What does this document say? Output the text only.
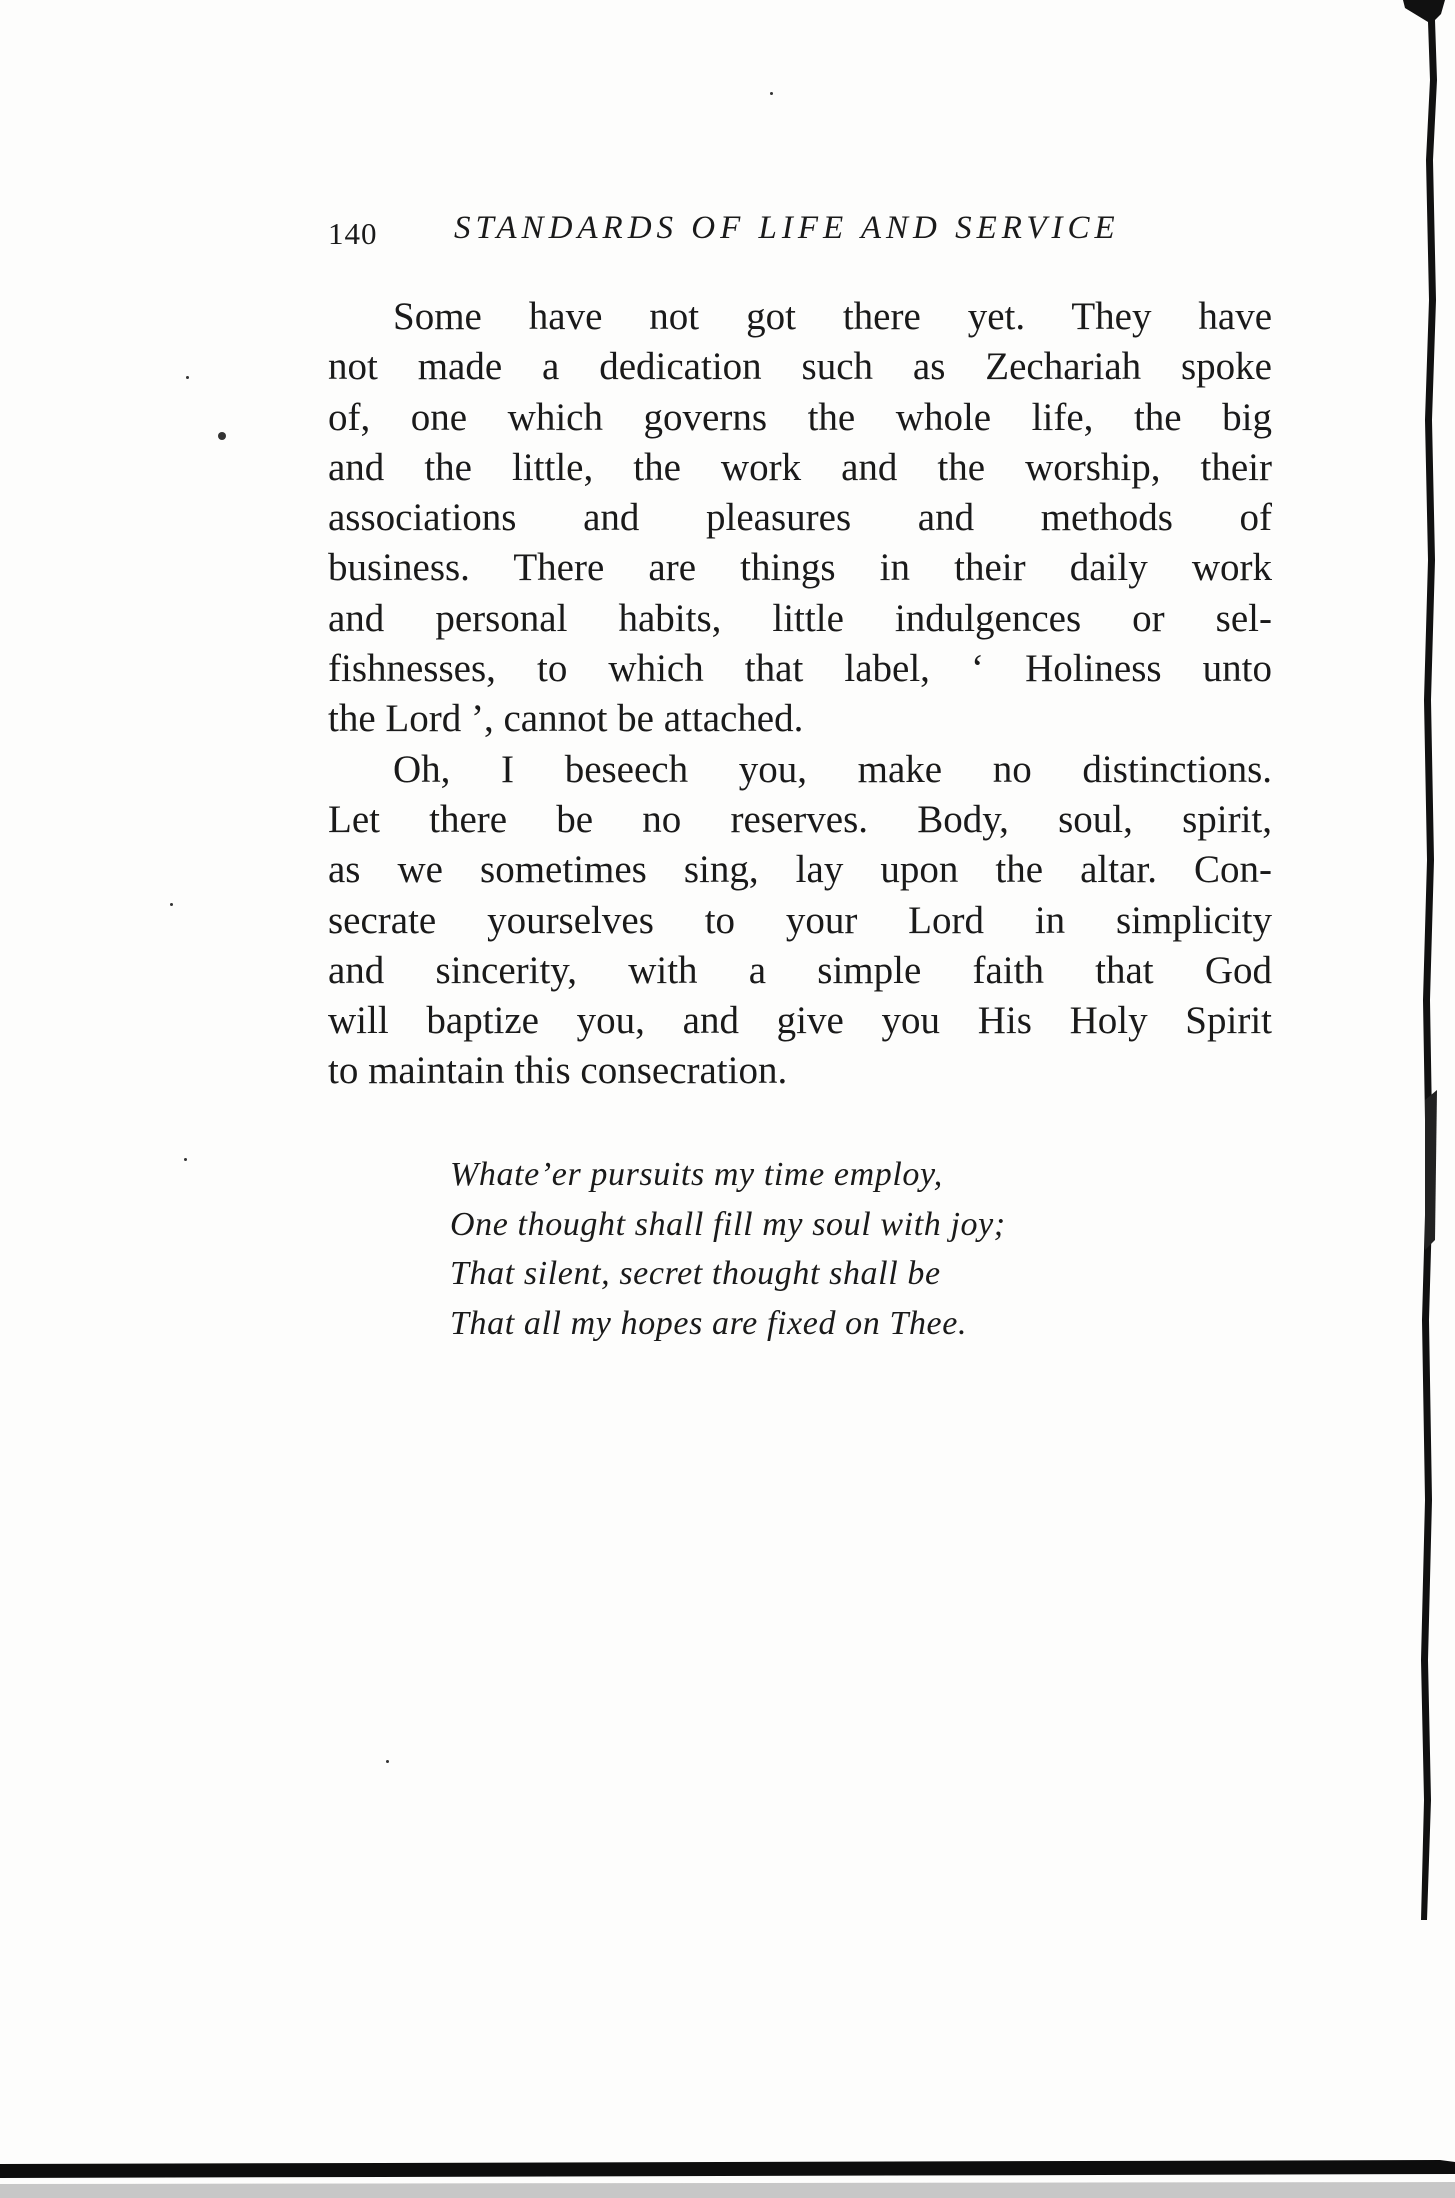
140 STANDARDS OF LIFE AND SERVICE
Some have not got there yet. They have
not made a dedication such as Zechariah spoke
of, one which governs the whole life, the big
and the little, the work and the worship, their
associations and pleasures and methods of
business. There are things in their daily work
and personal habits, little indulgences or sel-
fishnesses, to which that label, ‘ Holiness unto
the Lord ’, cannot be attached.
Oh, I beseech you, make no distinctions.
Let there be no reserves. Body, soul, spirit,
as we sometimes sing, lay upon the altar. Con-
secrate yourselves to your Lord in simplicity
and sincerity, with a simple faith that God
will baptize you, and give you His Holy Spirit
to maintain this consecration.
Whate’er pursuits my time employ,
One thought shall fill my soul with joy;
That silent, secret thought shall be
That all my hopes are fixed on Thee.
